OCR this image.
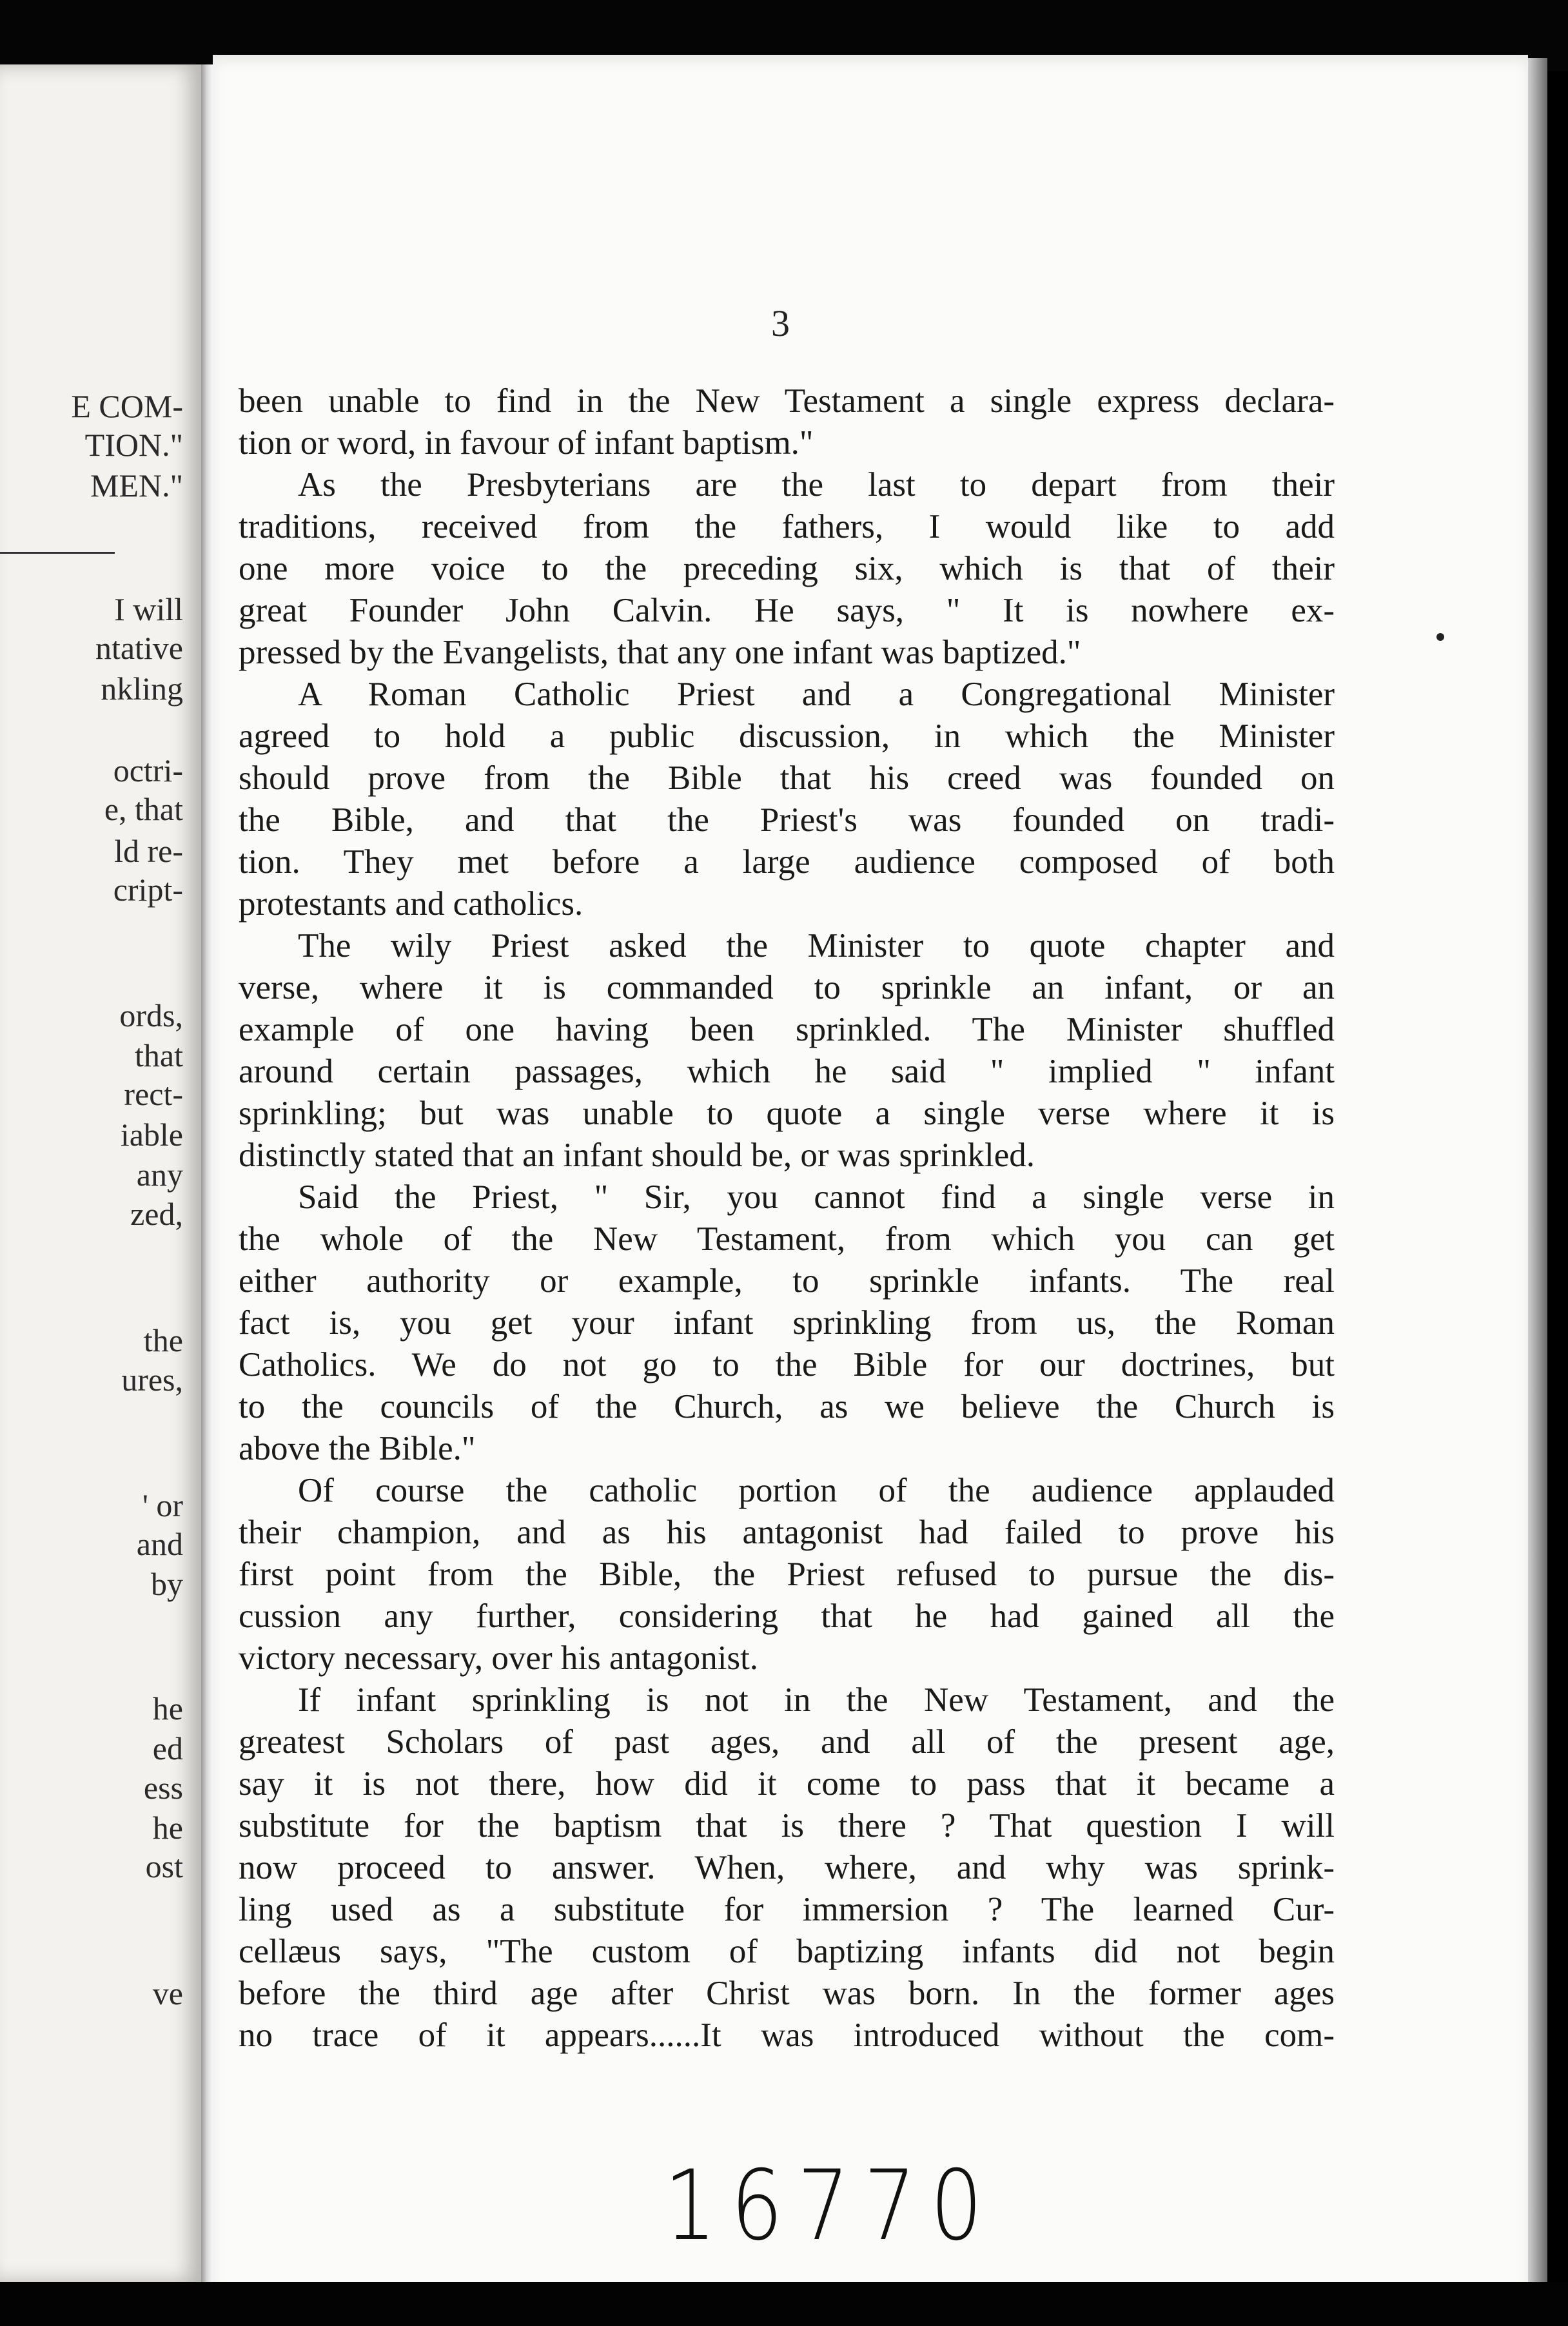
E COM-
TION."
MEN."
I will
ntative
nkling
octri-
e, that
ld re-
cript-
ords,
that
rect-
iable
any
zed,
the
ures,
' or
and
by
he
ed
ess
he
ost
ve
3
been unable to find in the New Testament a single express declara-
tion or word, in favour of infant baptism."
As the Presbyterians are the last to depart from their
traditions, received from the fathers, I would like to add
one more voice to the preceding six, which is that of their
great Founder John Calvin. He says, " It is nowhere ex-
pressed by the Evangelists, that any one infant was baptized."
A Roman Catholic Priest and a Congregational Minister
agreed to hold a public discussion, in which the Minister
should prove from the Bible that his creed was founded on
the Bible, and that the Priest's was founded on tradi-
tion. They met before a large audience composed of both
protestants and catholics.
The wily Priest asked the Minister to quote chapter and
verse, where it is commanded to sprinkle an infant, or an
example of one having been sprinkled. The Minister shuffled
around certain passages, which he said " implied " infant
sprinkling; but was unable to quote a single verse where it is
distinctly stated that an infant should be, or was sprinkled.
Said the Priest, " Sir, you cannot find a single verse in
the whole of the New Testament, from which you can get
either authority or example, to sprinkle infants. The real
fact is, you get your infant sprinkling from us, the Roman
Catholics. We do not go to the Bible for our doctrines, but
to the councils of the Church, as we believe the Church is
above the Bible."
Of course the catholic portion of the audience applauded
their champion, and as his antagonist had failed to prove his
first point from the Bible, the Priest refused to pursue the dis-
cussion any further, considering that he had gained all the
victory necessary, over his antagonist.
If infant sprinkling is not in the New Testament, and the
greatest Scholars of past ages, and all of the present age,
say it is not there, how did it come to pass that it became a
substitute for the baptism that is there ? That question I will
now proceed to answer. When, where, and why was sprink-
ling used as a substitute for immersion ? The learned Cur-
cellæus says, "The custom of baptizing infants did not begin
before the third age after Christ was born. In the former ages
no trace of it appears......It was introduced without the com-
16770
